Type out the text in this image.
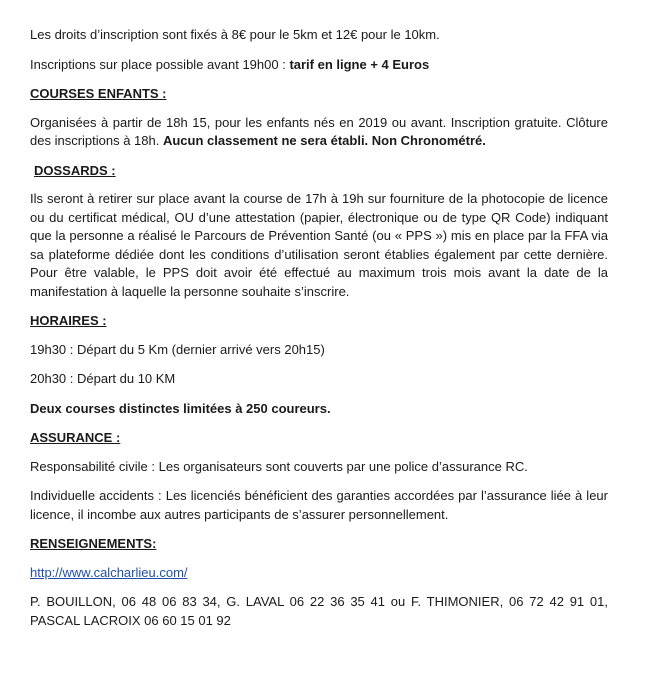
Les droits d’inscription sont fixés à 8€ pour le 5km et 12€ pour le 10km.

Inscriptions sur place possible avant 19h00 : tarif en ligne + 4 Euros

COURSES ENFANTS :

Organisées à partir de 18h 15, pour les enfants nés en 2019 ou avant. Inscription gratuite. Clôture des inscriptions à 18h. Aucun classement ne sera établi. Non Chronométré.

DOSSARDS :

Ils seront à retirer sur place avant la course de 17h à 19h sur fourniture de la photocopie de licence ou du certificat médical, OU d’une attestation (papier, électronique ou de type QR Code) indiquant que la personne a réalisé le Parcours de Prévention Santé (ou « PPS ») mis en place par la FFA via sa plateforme dédiée dont les conditions d’utilisation seront établies également par cette dernière. Pour être valable, le PPS doit avoir été effectué au maximum trois mois avant la date de la manifestation à laquelle la personne souhaite s’inscrire.

HORAIRES :

19h30 : Départ du 5 Km (dernier arrivé vers 20h15)

20h30 : Départ du 10 KM

Deux courses distinctes limitées à 250 coureurs.

ASSURANCE :

Responsabilité civile : Les organisateurs sont couverts par une police d’assurance RC.

Individuelle accidents : Les licenciés bénéficient des garanties accordées par l’assurance liée à leur licence, il incombe aux autres participants de s’assurer personnellement.

RENSEIGNEMENTS:

http://www.calcharlieu.com/

P. BOUILLON, 06 48 06 83 34, G. LAVAL 06 22 36 35 41 ou F. THIMONIER, 06 72 42 91 01, PASCAL LACROIX 06 60 15 01 92
